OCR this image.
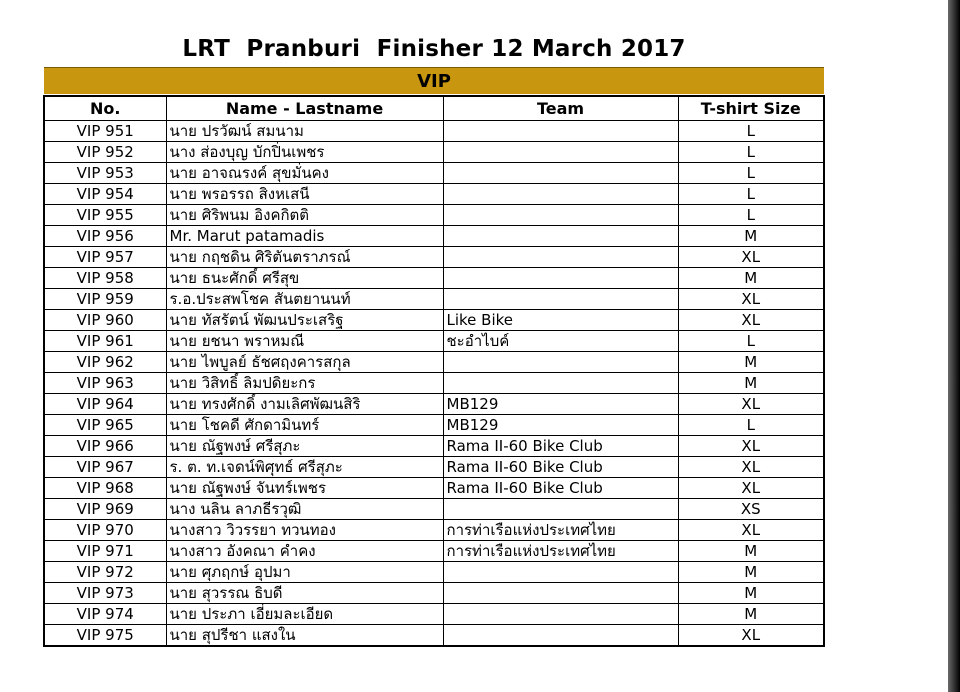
LRT  Pranburi  Finisher 12 March 2017
VIP
No.	Name - Lastname	Team	T-shirt Size
VIP 951	นาย ปรวัฒน์ สมนาม		L
VIP 952	นาง ส่องบุญ บักปิ่นเพชร		L
VIP 953	นาย อาจณรงค์ สุขมั่นคง		L
VIP 954	นาย พรอรรถ สิงหเสนี		L
VIP 955	นาย ศิริพนม อิงคกิตติ		L
VIP 956	Mr. Marut patamadis		M
VIP 957	นาย กฤชดิน ศิริตันตราภรณ์		XL
VIP 958	นาย ธนะศักดิ์ ศรีสุข		M
VIP 959	ร.อ.ประสพโชค สันตยานนท์		XL
VIP 960	นาย ทัสรัตน์ พัฒนประเสริฐ	Like Bike	XL
VIP 961	นาย ยชนา พราหมณี	ชะอำไบค์	L
VIP 962	นาย ไพบูลย์ ธัชศฤงคารสกุล		M
VIP 963	นาย วิสิทธิ์ ลิมปดิยะกร		M
VIP 964	นาย ทรงศักดิ์ งามเลิศพัฒนสิริ	MB129	XL
VIP 965	นาย โชคดี ศักดามินทร์	MB129	L
VIP 966	นาย ณัฐพงษ์ ศรีสุภะ	Rama II-60 Bike Club	XL
VIP 967	ร. ต. ท.เจดน์พิศุทธ์ ศรีสุภะ	Rama II-60 Bike Club	XL
VIP 968	นาย ณัฐพงษ์ จันทร์เพชร	Rama II-60 Bike Club	XL
VIP 969	นาง นลิน ลาภธีรวุฒิ		XS
VIP 970	นางสาว วิวรรยา ทวนทอง	การท่าเรือแห่งประเทศไทย	XL
VIP 971	นางสาว อังคณา คำคง	การท่าเรือแห่งประเทศไทย	M
VIP 972	นาย ศุภฤกษ์ อุปมา		M
VIP 973	นาย สุวรรณ ธิบดี		M
VIP 974	นาย ประภา เอี่ยมละเอียด		M
VIP 975	นาย สุปรีชา แสงใน		XL
